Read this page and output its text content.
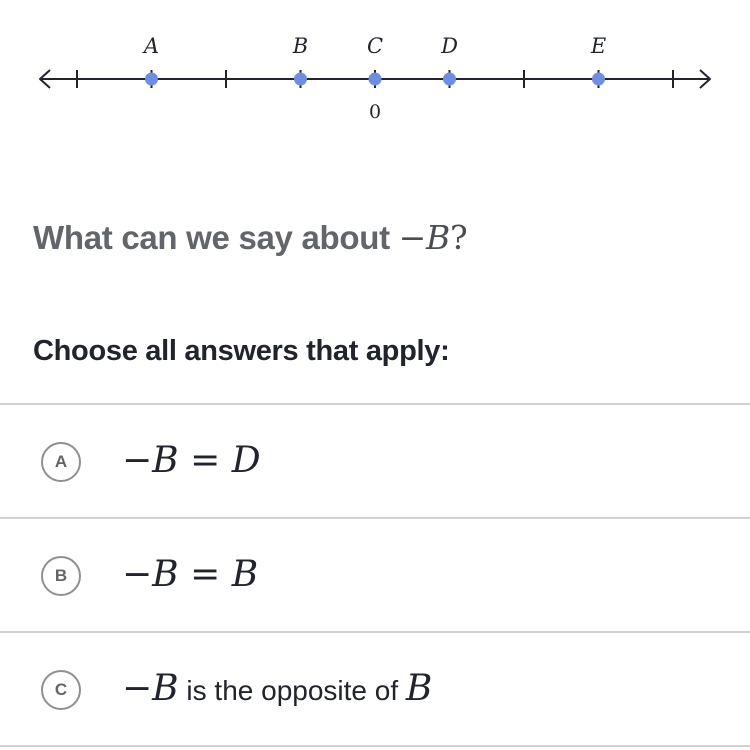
A	B	C	D	E
0
What can we say about −B?
Choose all answers that apply:
A	−B = D
B	−B = B
C	−B is the opposite of B
